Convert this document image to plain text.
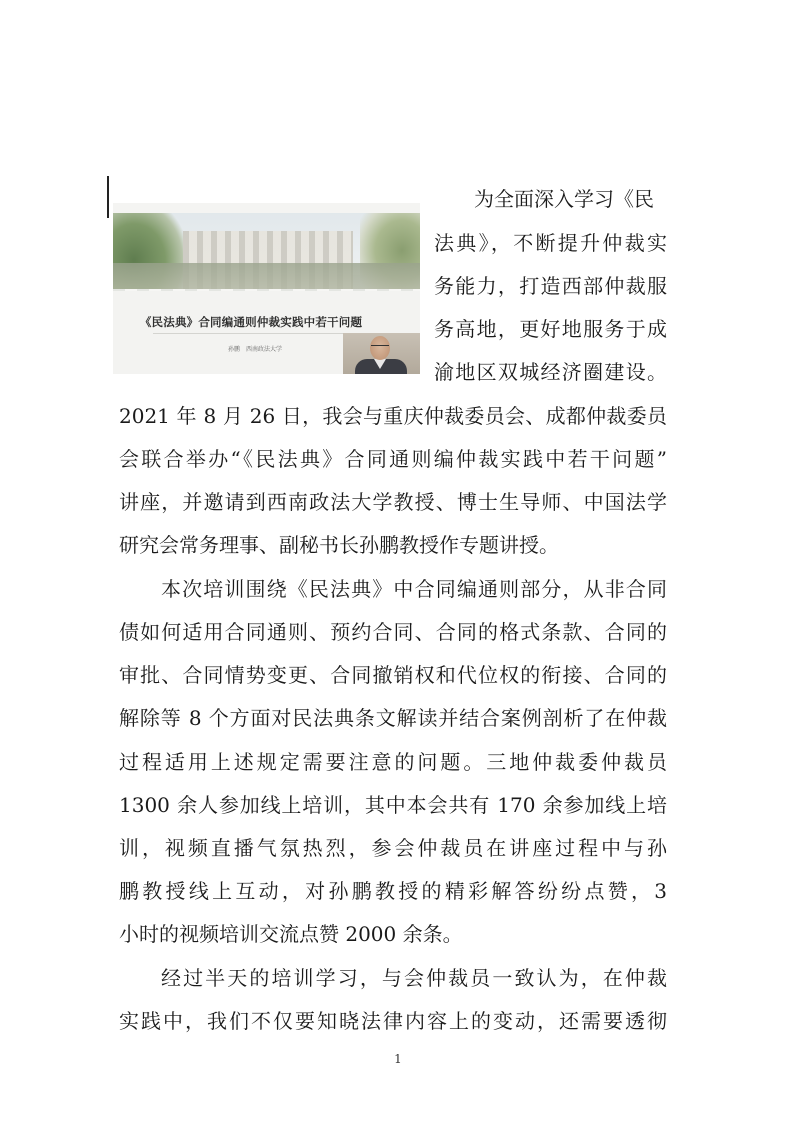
《民法典》合同编通则仲裁实践中若干问题
孙鹏　西南政法大学
为全面深入学习《民
法典》，不断提升仲裁实
务能力，打造西部仲裁服
务高地，更好地服务于成
渝地区双城经济圈建设。
2021 年 8 月 26 日，我会与重庆仲裁委员会、成都仲裁委员
会联合举办“《民法典》合同通则编仲裁实践中若干问题”
讲座，并邀请到西南政法大学教授、博士生导师、中国法学
研究会常务理事、副秘书长孙鹏教授作专题讲授。
本次培训围绕《民法典》中合同编通则部分，从非合同
债如何适用合同通则、预约合同、合同的格式条款、合同的
审批、合同情势变更、合同撤销权和代位权的衔接、合同的
解除等 8 个方面对民法典条文解读并结合案例剖析了在仲裁
过程适用上述规定需要注意的问题。三地仲裁委仲裁员
1300 余人参加线上培训，其中本会共有 170 余参加线上培
训，视频直播气氛热烈，参会仲裁员在讲座过程中与孙
鹏教授线上互动，对孙鹏教授的精彩解答纷纷点赞，3
小时的视频培训交流点赞 2000 余条。
经过半天的培训学习，与会仲裁员一致认为，在仲裁
实践中，我们不仅要知晓法律内容上的变动，还需要透彻
1
